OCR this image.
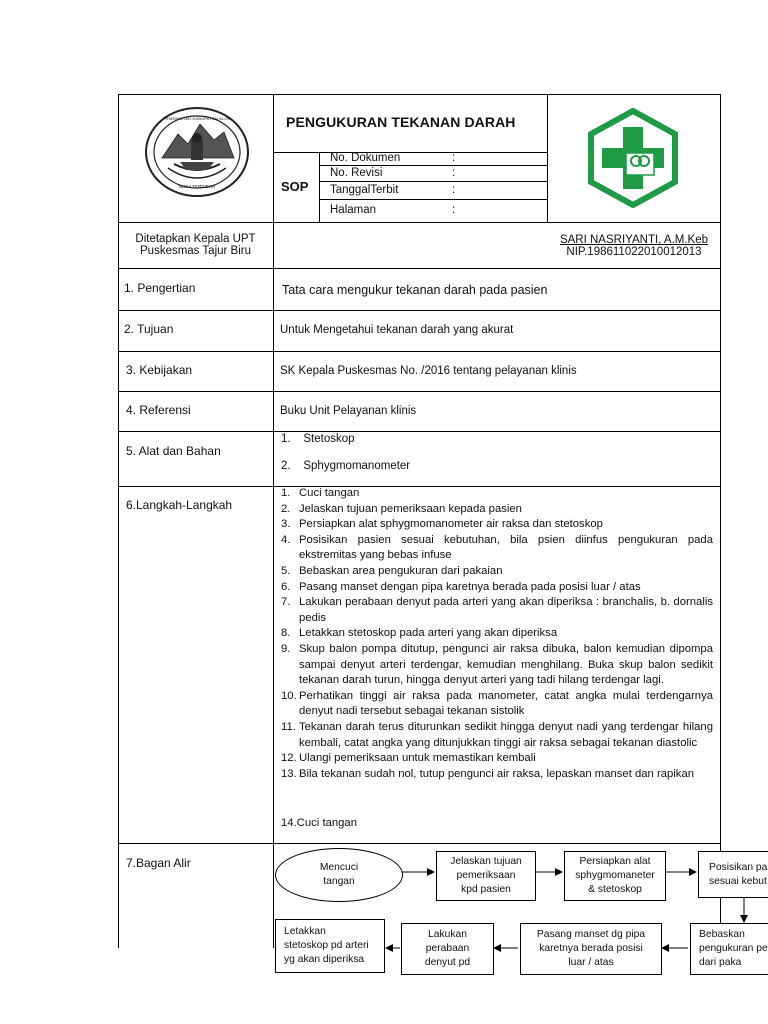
PEMERINTAH KABUPATEN ALOR
NUSA TERINDAH
PENGUKURAN TEKANAN DARAH
SOP
No. Dokumen	:
No. Revisi	:
TanggalTerbit	:
Halaman	:
Ditetapkan Kepala UPT
Puskesmas Tajur Biru
SARI NASRIYANTI, A.M.Keb
NIP.198611022010012013
1. Pengertian	Tata cara mengukur tekanan darah pada pasien
2. Tujuan	Untuk Mengetahui tekanan darah yang akurat
3. Kebijakan	SK Kepala Puskesmas No. /2016 tentang pelayanan klinis
4. Referensi	Buku Unit Pelayanan klinis
5. Alat dan Bahan
1.    Stetoskop
2.    Sphygmomanometer
6.Langkah-Langkah
1. Cuci tangan
2. Jelaskan tujuan pemeriksaan kepada pasien
3. Persiapkan alat sphygmomanometer air raksa dan stetoskop
4. Posisikan pasien sesuai kebutuhan, bila psien diinfus pengukuran pada ekstremitas yang bebas infuse
5. Bebaskan area pengukuran dari pakaian
6. Pasang manset dengan pipa karetnya berada pada posisi luar / atas
7. Lakukan perabaan denyut pada arteri yang akan diperiksa : branchalis, b. dornalis pedis
8. Letakkan stetoskop pada arteri yang akan diperiksa
9. Skup balon pompa ditutup, pengunci air raksa dibuka, balon kemudian dipompa sampai denyut arteri terdengar, kemudian menghilang. Buka skup balon sedikit tekanan darah turun, hingga denyut arteri yang tadi hilang terdengar lagi.
10. Perhatikan tinggi air raksa pada manometer, catat angka mulai terdengarnya denyut nadi tersebut sebagai tekanan sistolik
11. Tekanan darah terus diturunkan sedikit hingga denyut nadi yang terdengar hilang kembali, catat angka yang ditunjukkan tinggi air raksa sebagai tekanan diastolic
12. Ulangi pemeriksaan untuk memastikan kembali
13. Bila tekanan sudah nol, tutup pengunci air raksa, lepaskan manset dan rapikan
14.Cuci tangan
7.Bagan Alir	Mencuci
tangan
Jelaskan tujuan
pemeriksaan
kpd pasien
Persiapkan alat
sphygmomaneter
& stetoskop
Posisikan pa
sesuai kebut
Bebaskan
pengukuran pe
dari paka
Pasang manset dg pipa
karetnya berada posisi
luar / atas
Lakukan
perabaan
denyut pd
Letakkan
stetoskop pd arteri
yg akan diperiksa
